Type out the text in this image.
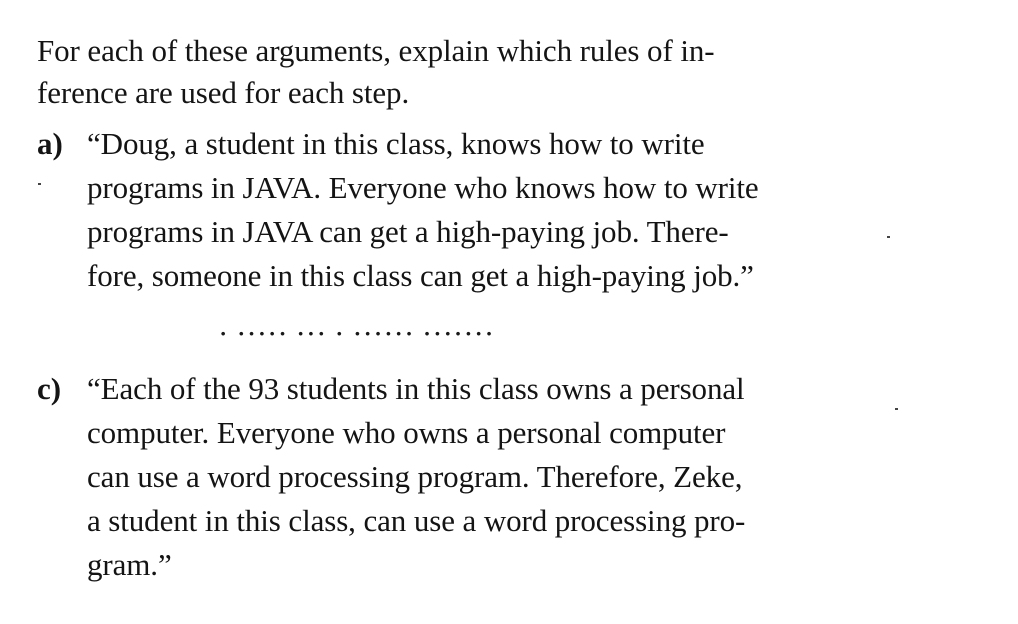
For each of these arguments, explain which rules of in-
ference are used for each step.
a) “Doug, a student in this class, knows how to write
programs in JAVA. Everyone who knows how to write
programs in JAVA can get a high-paying job. There-
fore, someone in this class can get a high-paying job.”
· ····· ··· · ······ ·······
c) “Each of the 93 students in this class owns a personal
computer. Everyone who owns a personal computer
can use a word processing program. Therefore, Zeke,
a student in this class, can use a word processing pro-
gram.”
